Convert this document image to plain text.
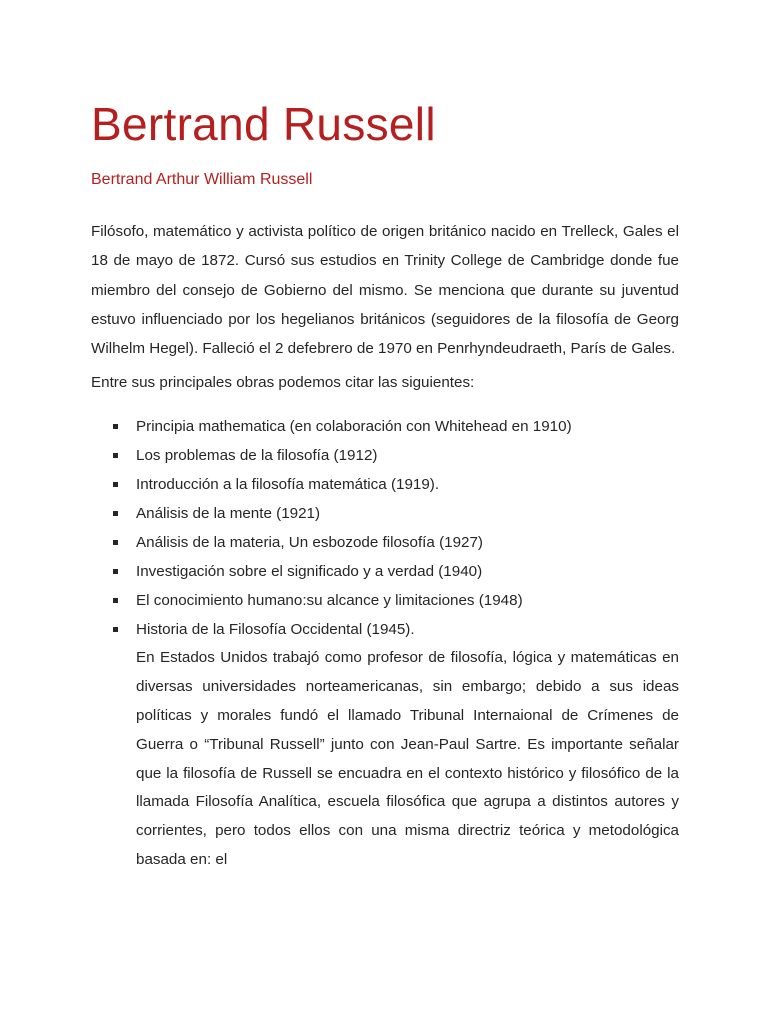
Bertrand Russell
Bertrand Arthur William Russell

Filósofo, matemático y activista político de origen británico nacido en Trelleck, Gales el 18 de mayo de 1872. Cursó sus estudios en Trinity College de Cambridge donde fue miembro del consejo de Gobierno del mismo. Se menciona que durante su juventud estuvo influenciado por los hegelianos británicos (seguidores de la filosofía de Georg Wilhelm Hegel). Falleció el 2 defebrero de 1970 en Penrhyndeudraeth, París de Gales.

Entre sus principales obras podemos citar las siguientes:

Principia mathematica (en colaboración con Whitehead en 1910)
Los problemas de la filosofía (1912)
Introducción a la filosofía matemática (1919).
Análisis de la mente (1921)
Análisis de la materia, Un esbozode filosofía (1927)
Investigación sobre el significado y a verdad (1940)
El conocimiento humano:su alcance y limitaciones (1948)
Historia de la Filosofía Occidental (1945).

En Estados Unidos trabajó como profesor de filosofía, lógica y matemáticas en diversas universidades norteamericanas, sin embargo; debido a sus ideas políticas y morales fundó el llamado Tribunal Internaional de Crímenes de Guerra o “Tribunal Russell” junto con Jean-Paul Sartre. Es importante señalar que la filosofía de Russell se encuadra en el contexto histórico y filosófico de la llamada Filosofía Analítica, escuela filosófica que agrupa a distintos autores y corrientes, pero todos ellos con una misma directriz teórica y metodológica basada en: el
